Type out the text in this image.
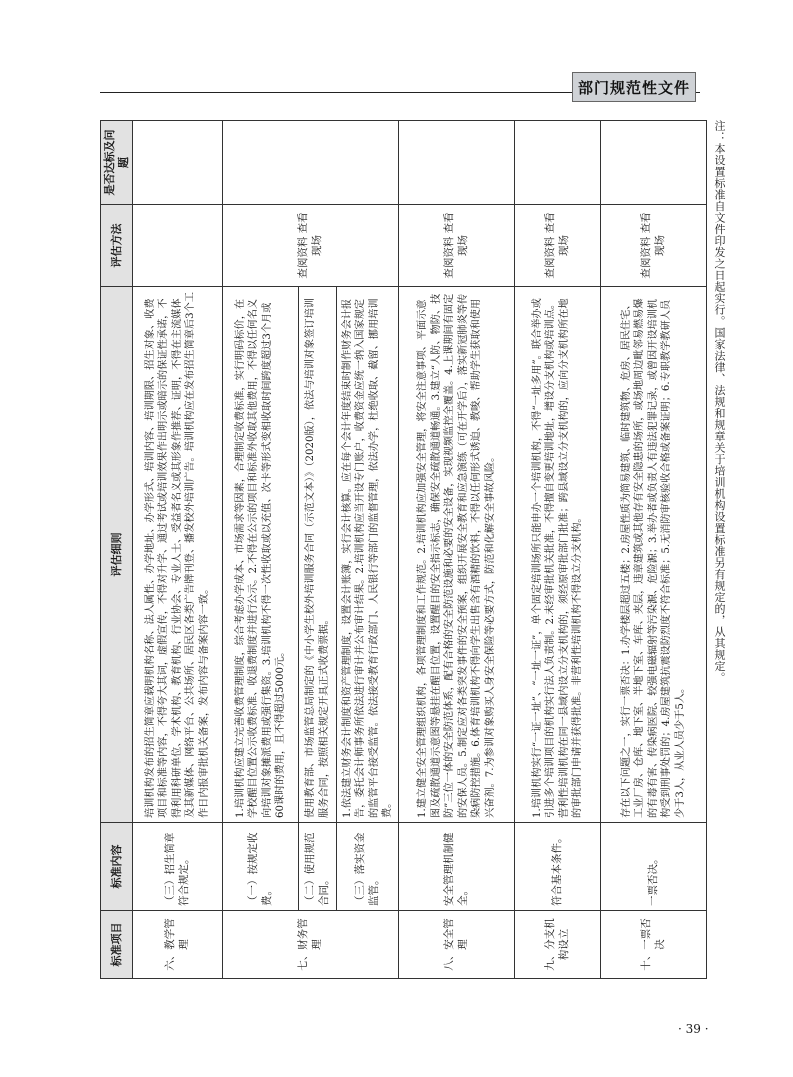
部门规范性文件
标准项目	标准内容	评估细则	评估方法	是否达标及问题
六、教学管理	（三）招生简章符合规定。	培训机构发布的招生简章应载明机构名称、法人属性、办学地址、办学形式、培训内容、培训期限、招生对象、收费项目和标准等内容，不得夸大其词，虚假宣传，不得对升学、通过考试或培训效果作出明示或暗示的保证性承诺，不得利用科研单位、学术机构、教育机构、行业协会、专业人士、受益者名义或其形象作推荐、证明，不得在主流媒体及其新媒体、网络平台、公共场所、居民区各类广告牌刊登、播发校外培训广告。培训机构应在发布招生简章后3个工作日内报审批机关备案，发布内容与备案内容一致。		
七、财务管理	（一）按规定收费。	1.培训机构应建立完善收费管理制度，综合考虑办学成本、市场需求等因素，合理制定收费标准，实行明码标价，在学校醒目位置公示收费标准、收退费制度并进行公示。2.不得在公示的项目和标准外收取其他费用，不得以任何名义向培训对象摊派费用或强行集资。3.培训机构不得一次性收取或以充值、次卡等形式变相收取时间跨度超过3个月或60课时的费用，且不得超过5000元。	查阅资料 查看现场	
	（二）使用规范合同。	使用教育部、市场监管总局制定的《中小学生校外培训服务合同（示范文本）》（2020版），依法与培训对象签订培训服务合同，按照相关规定开具正式收费票据。		
	（三）落实资金监管。	1.依法建立财务会计制度和资产管理制度，设置会计账簿，实行会计核算。应在每个会计年度结束时制作财务会计报告，委托会计师事务所依法进行审计并公布审计结果。2.培训机构应当开设专门账户，收费资金应统一纳入国家规定的监管平台接受监管。依法接受教育行政部门、人民银行等部门的监督管理，依法办学，杜绝收取、截留、挪用培训费。		
八、安全管理	安全管理机制健全。	1.建立健全安全管理组织机构，各项管理制度和工作规范。2.培训机构应加强安全管理，将安全注意事项、平面示意图及疏散通道示意图等悬挂在醒目位置，设置醒目的安全指示标志，确保安全疏散通道畅通。3.建立“人防、物防、技防”三位一体的安全防范体系，配有合格的安全防范设施和必要的安全设备，实现视频监控全覆盖。4.上课期间有固定的安保人员。5.制定应对各类突发事件的安全预案，组织开展安全教育和应急演练（可在开学后），落实新冠肺炎等传染病防控措施。6.体育培训机构不得向学生出售含有酒精的饮料，不得以任何形式诱迫、教唆、帮助学生获取和使用兴奋剂。7.为参训对象购买人身安全保险等必要方式，防范和化解安全事故风险。	查阅资料 查看现场	
九、分支机构设立	符合基本条件。	1.培训机构实行“一证一址”、“一址一证”，单个固定培训场所只能申办一个培训机构，不得“一址多用”。联合举办或引进多个培训项目的机构实行法人负责制。2.未经审批机关批准，不得擅自变更培训地址，增设分支机构或培训点。营利性培训机构在同一县域内设立分支机构的，须经原审批部门批准；跨县域设立分支机构的，应向分支机构所在地的审批部门申请并获得批准。非营利性培训机构不得设立分支机构。	查阅资料 查看现场	
十、一票否决	一票否决。	存在以下问题之一，实行一票否决：1.办学楼层超过五楼；2.房屋性质为简易建筑、临时建筑物、危房、居民住宅、工业厂房、仓库、地下室、半地下室、车库、夹层，违章建筑或其他存有安全隐患的场所，或场地周边毗邻易燃易爆的有毒有害、传染病医院、较强电磁辐射等污染源、危险源；3.举办者或负责人有违法犯罪记录，或曾因开设培训机构受到刑事处罚的；4.房屋建筑抗震设防烈度不符合标准；5.无消防审核验收合格或备案证明；6.专职教学教研人员少于3人，从业人员少于5人。	查阅资料 查看现场		注：本设置标准自文件印发之日起实行。国家法律、法规和规章关于培训机构设置标准另有规定的，从其规定。
· 39 ·
